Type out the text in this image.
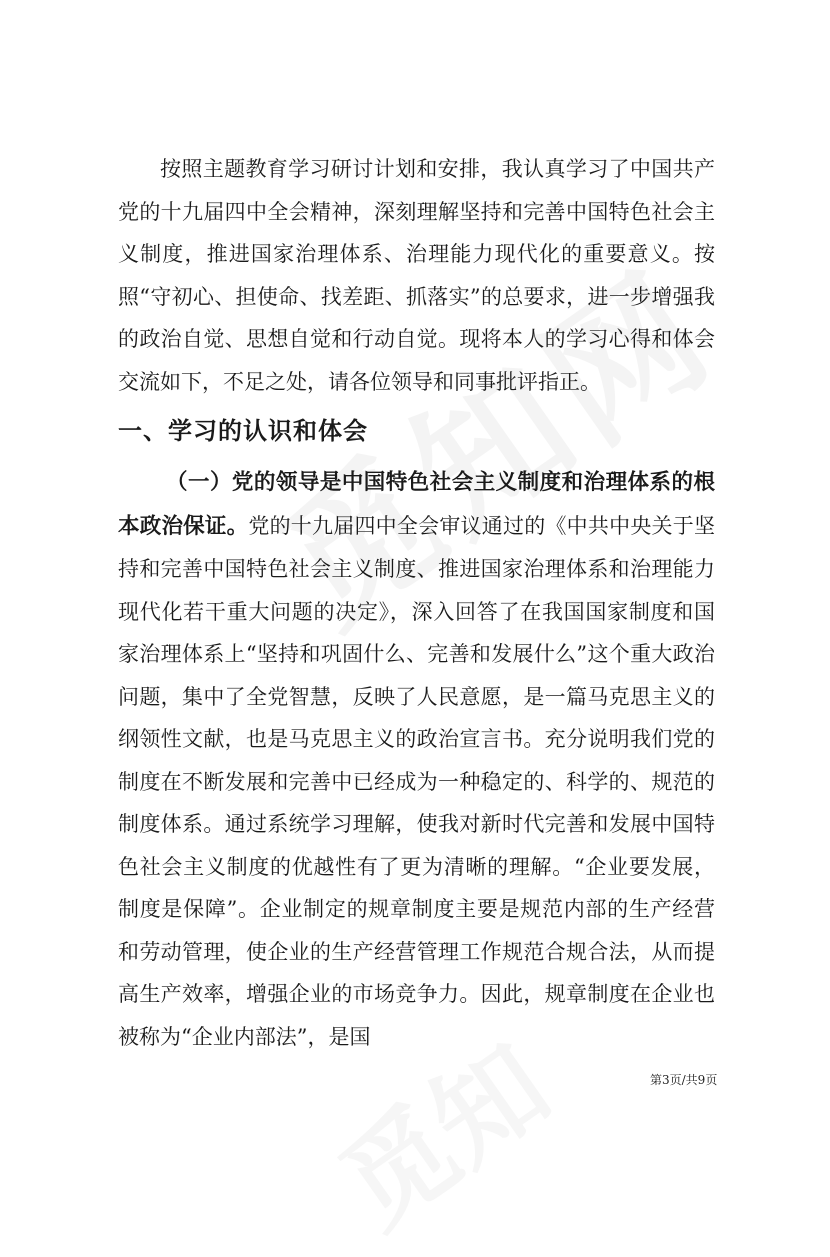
按照主题教育学习研讨计划和安排，我认真学习了中国共产党的十九届四中全会精神，深刻理解坚持和完善中国特色社会主义制度，推进国家治理体系、治理能力现代化的重要意义。按照“守初心、担使命、找差距、抓落实”的总要求，进一步增强我的政治自觉、思想自觉和行动自觉。现将本人的学习心得和体会交流如下，不足之处，请各位领导和同事批评指正。

一、学习的认识和体会

（一）党的领导是中国特色社会主义制度和治理体系的根本政治保证。党的十九届四中全会审议通过的《中共中央关于坚持和完善中国特色社会主义制度、推进国家治理体系和治理能力现代化若干重大问题的决定》，深入回答了在我国国家制度和国家治理体系上“坚持和巩固什么、完善和发展什么”这个重大政治问题，集中了全党智慧，反映了人民意愿，是一篇马克思主义的纲领性文献，也是马克思主义的政治宣言书。充分说明我们党的制度在不断发展和完善中已经成为一种稳定的、科学的、规范的制度体系。通过系统学习理解，使我对新时代完善和发展中国特色社会主义制度的优越性有了更为清晰的理解。“企业要发展，制度是保障”。企业制定的规章制度主要是规范内部的生产经营和劳动管理，使企业的生产经营管理工作规范合规合法，从而提高生产效率，增强企业的市场竞争力。因此，规章制度在企业也被称为“企业内部法”，是国

第3页/共9页
